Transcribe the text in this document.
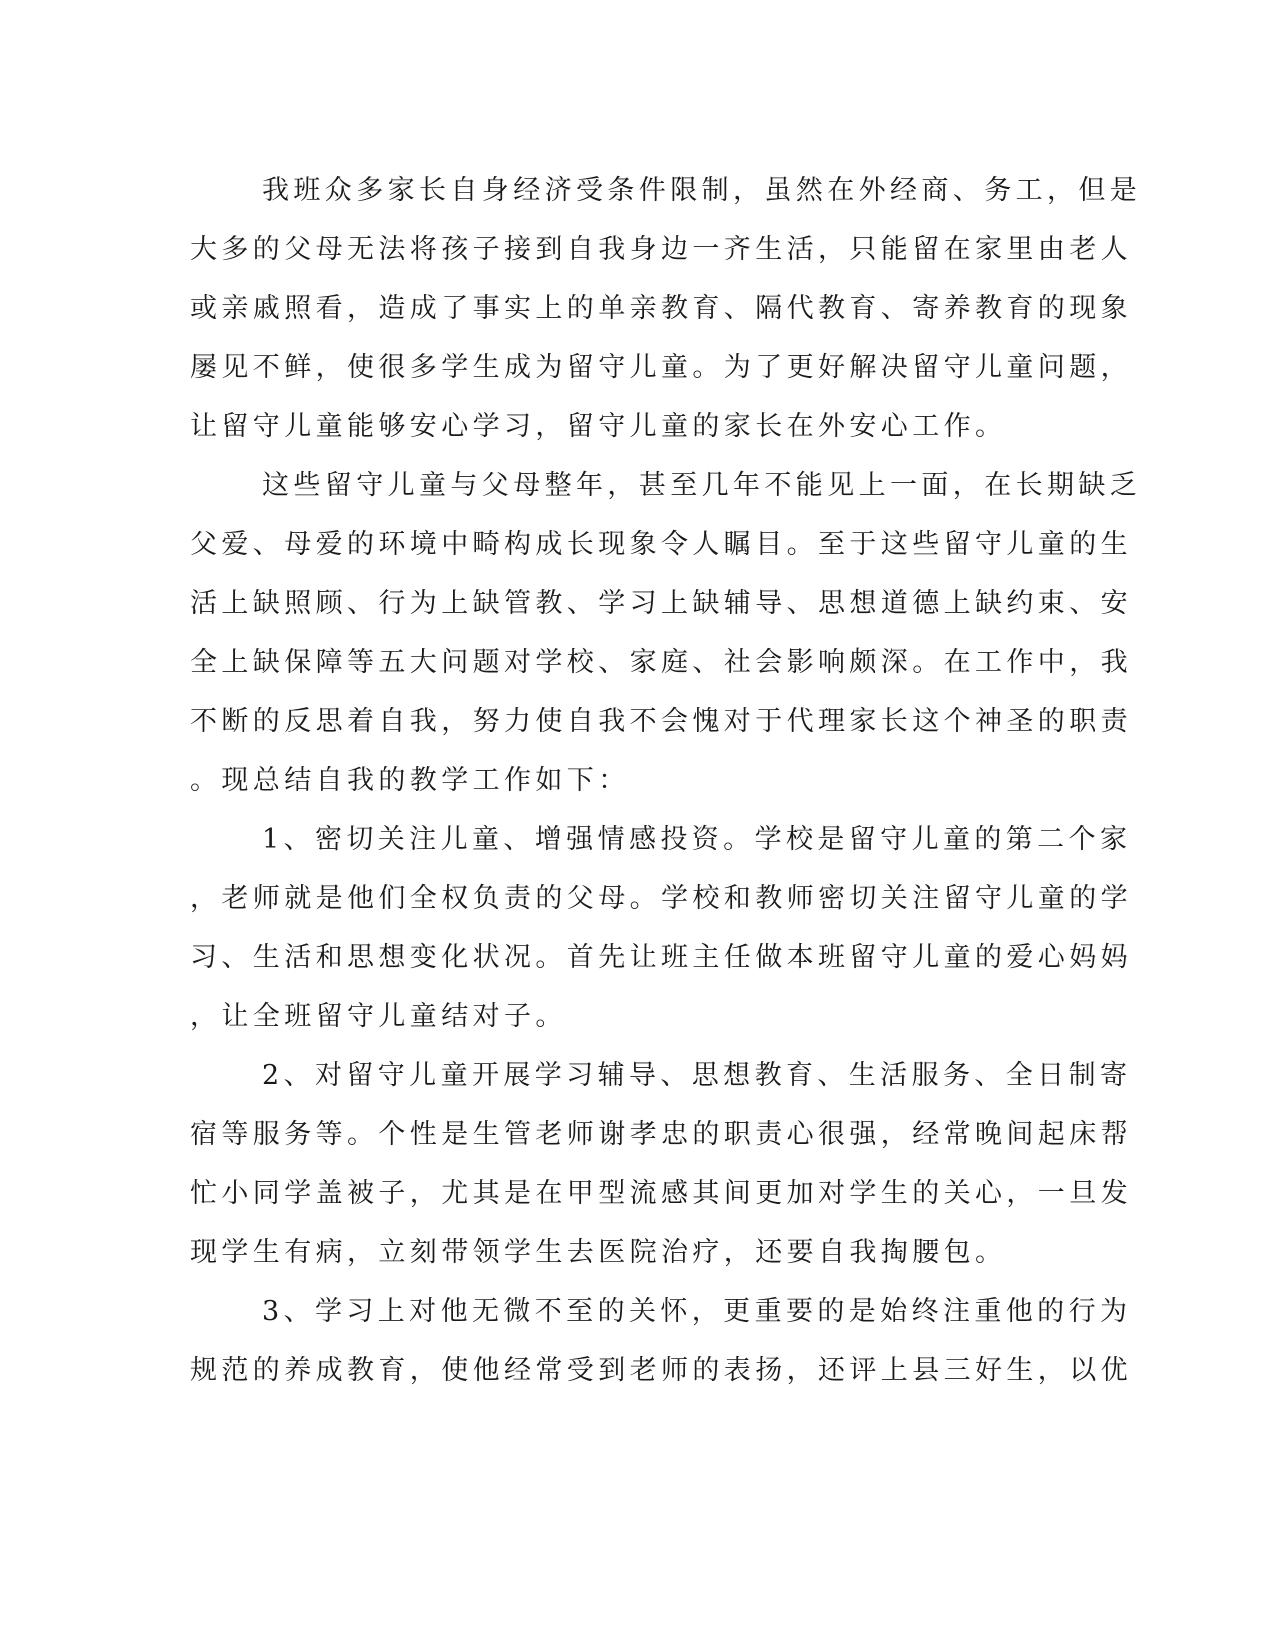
我班众多家长自身经济受条件限制，虽然在外经商、务工，但是
大多的父母无法将孩子接到自我身边一齐生活，只能留在家里由老人
或亲戚照看，造成了事实上的单亲教育、隔代教育、寄养教育的现象
屡见不鲜，使很多学生成为留守儿童。为了更好解决留守儿童问题，
让留守儿童能够安心学习，留守儿童的家长在外安心工作。
这些留守儿童与父母整年，甚至几年不能见上一面，在长期缺乏
父爱、母爱的环境中畸构成长现象令人瞩目。至于这些留守儿童的生
活上缺照顾、行为上缺管教、学习上缺辅导、思想道德上缺约束、安
全上缺保障等五大问题对学校、家庭、社会影响颇深。在工作中，我
不断的反思着自我，努力使自我不会愧对于代理家长这个神圣的职责
。现总结自我的教学工作如下：
1、密切关注儿童、增强情感投资。学校是留守儿童的第二个家
，老师就是他们全权负责的父母。学校和教师密切关注留守儿童的学
习、生活和思想变化状况。首先让班主任做本班留守儿童的爱心妈妈
，让全班留守儿童结对子。
2、对留守儿童开展学习辅导、思想教育、生活服务、全日制寄
宿等服务等。个性是生管老师谢孝忠的职责心很强，经常晚间起床帮
忙小同学盖被子，尤其是在甲型流感其间更加对学生的关心，一旦发
现学生有病，立刻带领学生去医院治疗，还要自我掏腰包。
3、学习上对他无微不至的关怀，更重要的是始终注重他的行为
规范的养成教育，使他经常受到老师的表扬，还评上县三好生，以优
